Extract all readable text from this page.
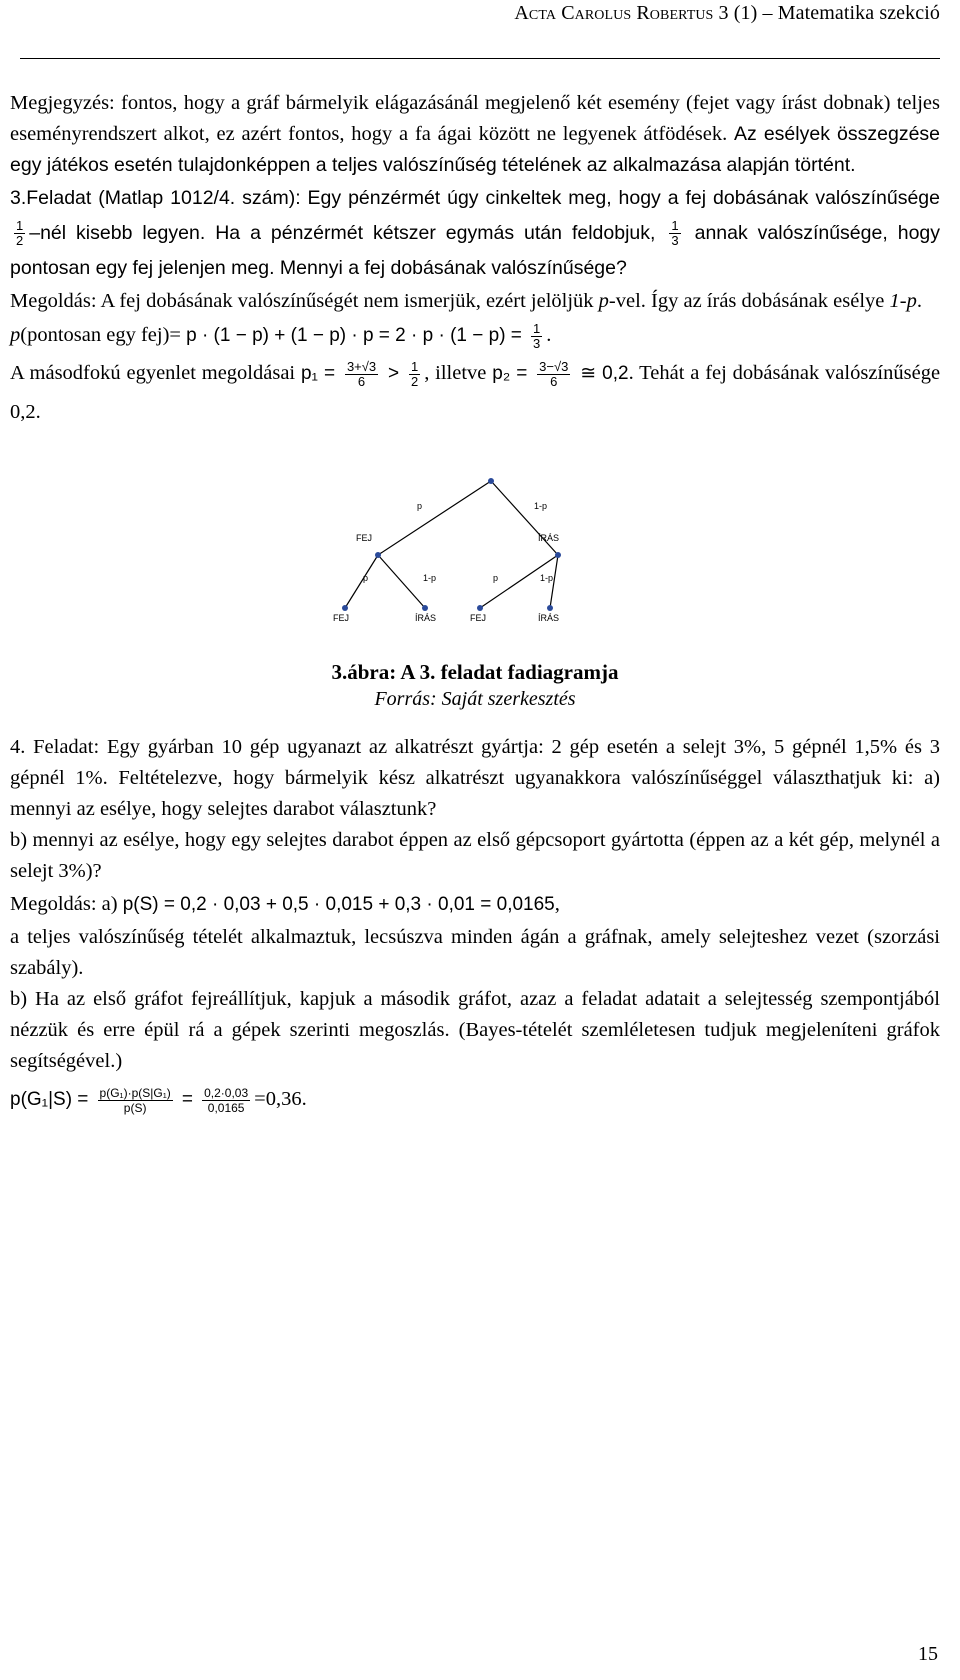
Acta Carolus Robertus 3 (1) – Matematika szekció

Megjegyzés: fontos, hogy a gráf bármelyik elágazásánál megjelenő két esemény (fejet vagy írást dobnak) teljes eseményrendszert alkot, ez azért fontos, hogy a fa ágai között ne legyenek átfödések. Az esélyek összegzése egy játékos esetén tulajdonképpen a teljes valószínűség tételének az alkalmazása alapján történt.

3.Feladat (Matlap 1012/4. szám): Egy pénzérmét úgy cinkeltek meg, hogy a fej dobásának valószínűsége
$\frac{1}{2}$ –nél kisebb legyen. Ha a pénzérmét kétszer egymás után feldobjuk, $\frac{1}{3}$ annak valószínűsége, hogy pontosan egy fej jelenjen meg. Mennyi a fej dobásának valószínűsége?

Megoldás: A fej dobásának valószínűségét nem ismerjük, ezért jelöljük p-vel. Így az írás dobásának esélye 1-p.

p(pontosan egy $fej)= p \cdot (1 - p) + (1 - p) \cdot p = 2 \cdot p \cdot (1 - p) = \frac{1}{3}$ .

A másodfokú egyenlet megoldásai $p_1 = \frac{3+√3}{6} > \frac{1}{2}$ , illetve $p_2 = \frac{3-√3}{6}$ ≅ 0,2. Tehát a fej dobásának valószínűsége 0,2.

p	1-p
p	1-p	p	1-p
FEJ	ÍRÁS
FEJ	ÍRÁS	FEJ	ÍRÁS
3.ábra: A 3. feladat fadiagramja
Forrás: Saját szerkesztés

4. Feladat: Egy gyárban 10 gép ugyanazt az alkatrészt gyártja: 2 gép esetén a selejt 3%, 5 gépnél 1,5% és 3 gépnél 1%. Feltételezve, hogy bármelyik kész alkatrészt ugyanakkora valószínűséggel választhatjuk ki: a) mennyi az esélye, hogy selejtes darabot választunk?
b) mennyi az esélye, hogy egy selejtes darabot éppen az első gépcsoport gyártotta (éppen az a két gép, melynél a selejt 3%)?

Megoldás: a) p(S) = 0,2 · 0,03 + 0,5 · 0,015 + 0,3 · 0,01 = 0,0165,

a teljes valószínűség tételét alkalmaztuk, lecsúszva minden ágán a gráfnak, amely selejteshez vezet (szorzási szabály).

b) Ha az első gráfot fejreállítjuk, kapjuk a második gráfot, azaz a feladat adatait a selejtesség szempontjából nézzük és erre épül rá a gépek szerinti megoszlás. (Bayes-tételét szemléletesen tudjuk megjeleníteni gráfok segítségével.)

$p(G_1|S) = \frac{\text{p(G₁)·p(S|G₁)}}{p(S)} = \frac{0,2\cdot 0,03}{0,0165} =0,36$.

15
